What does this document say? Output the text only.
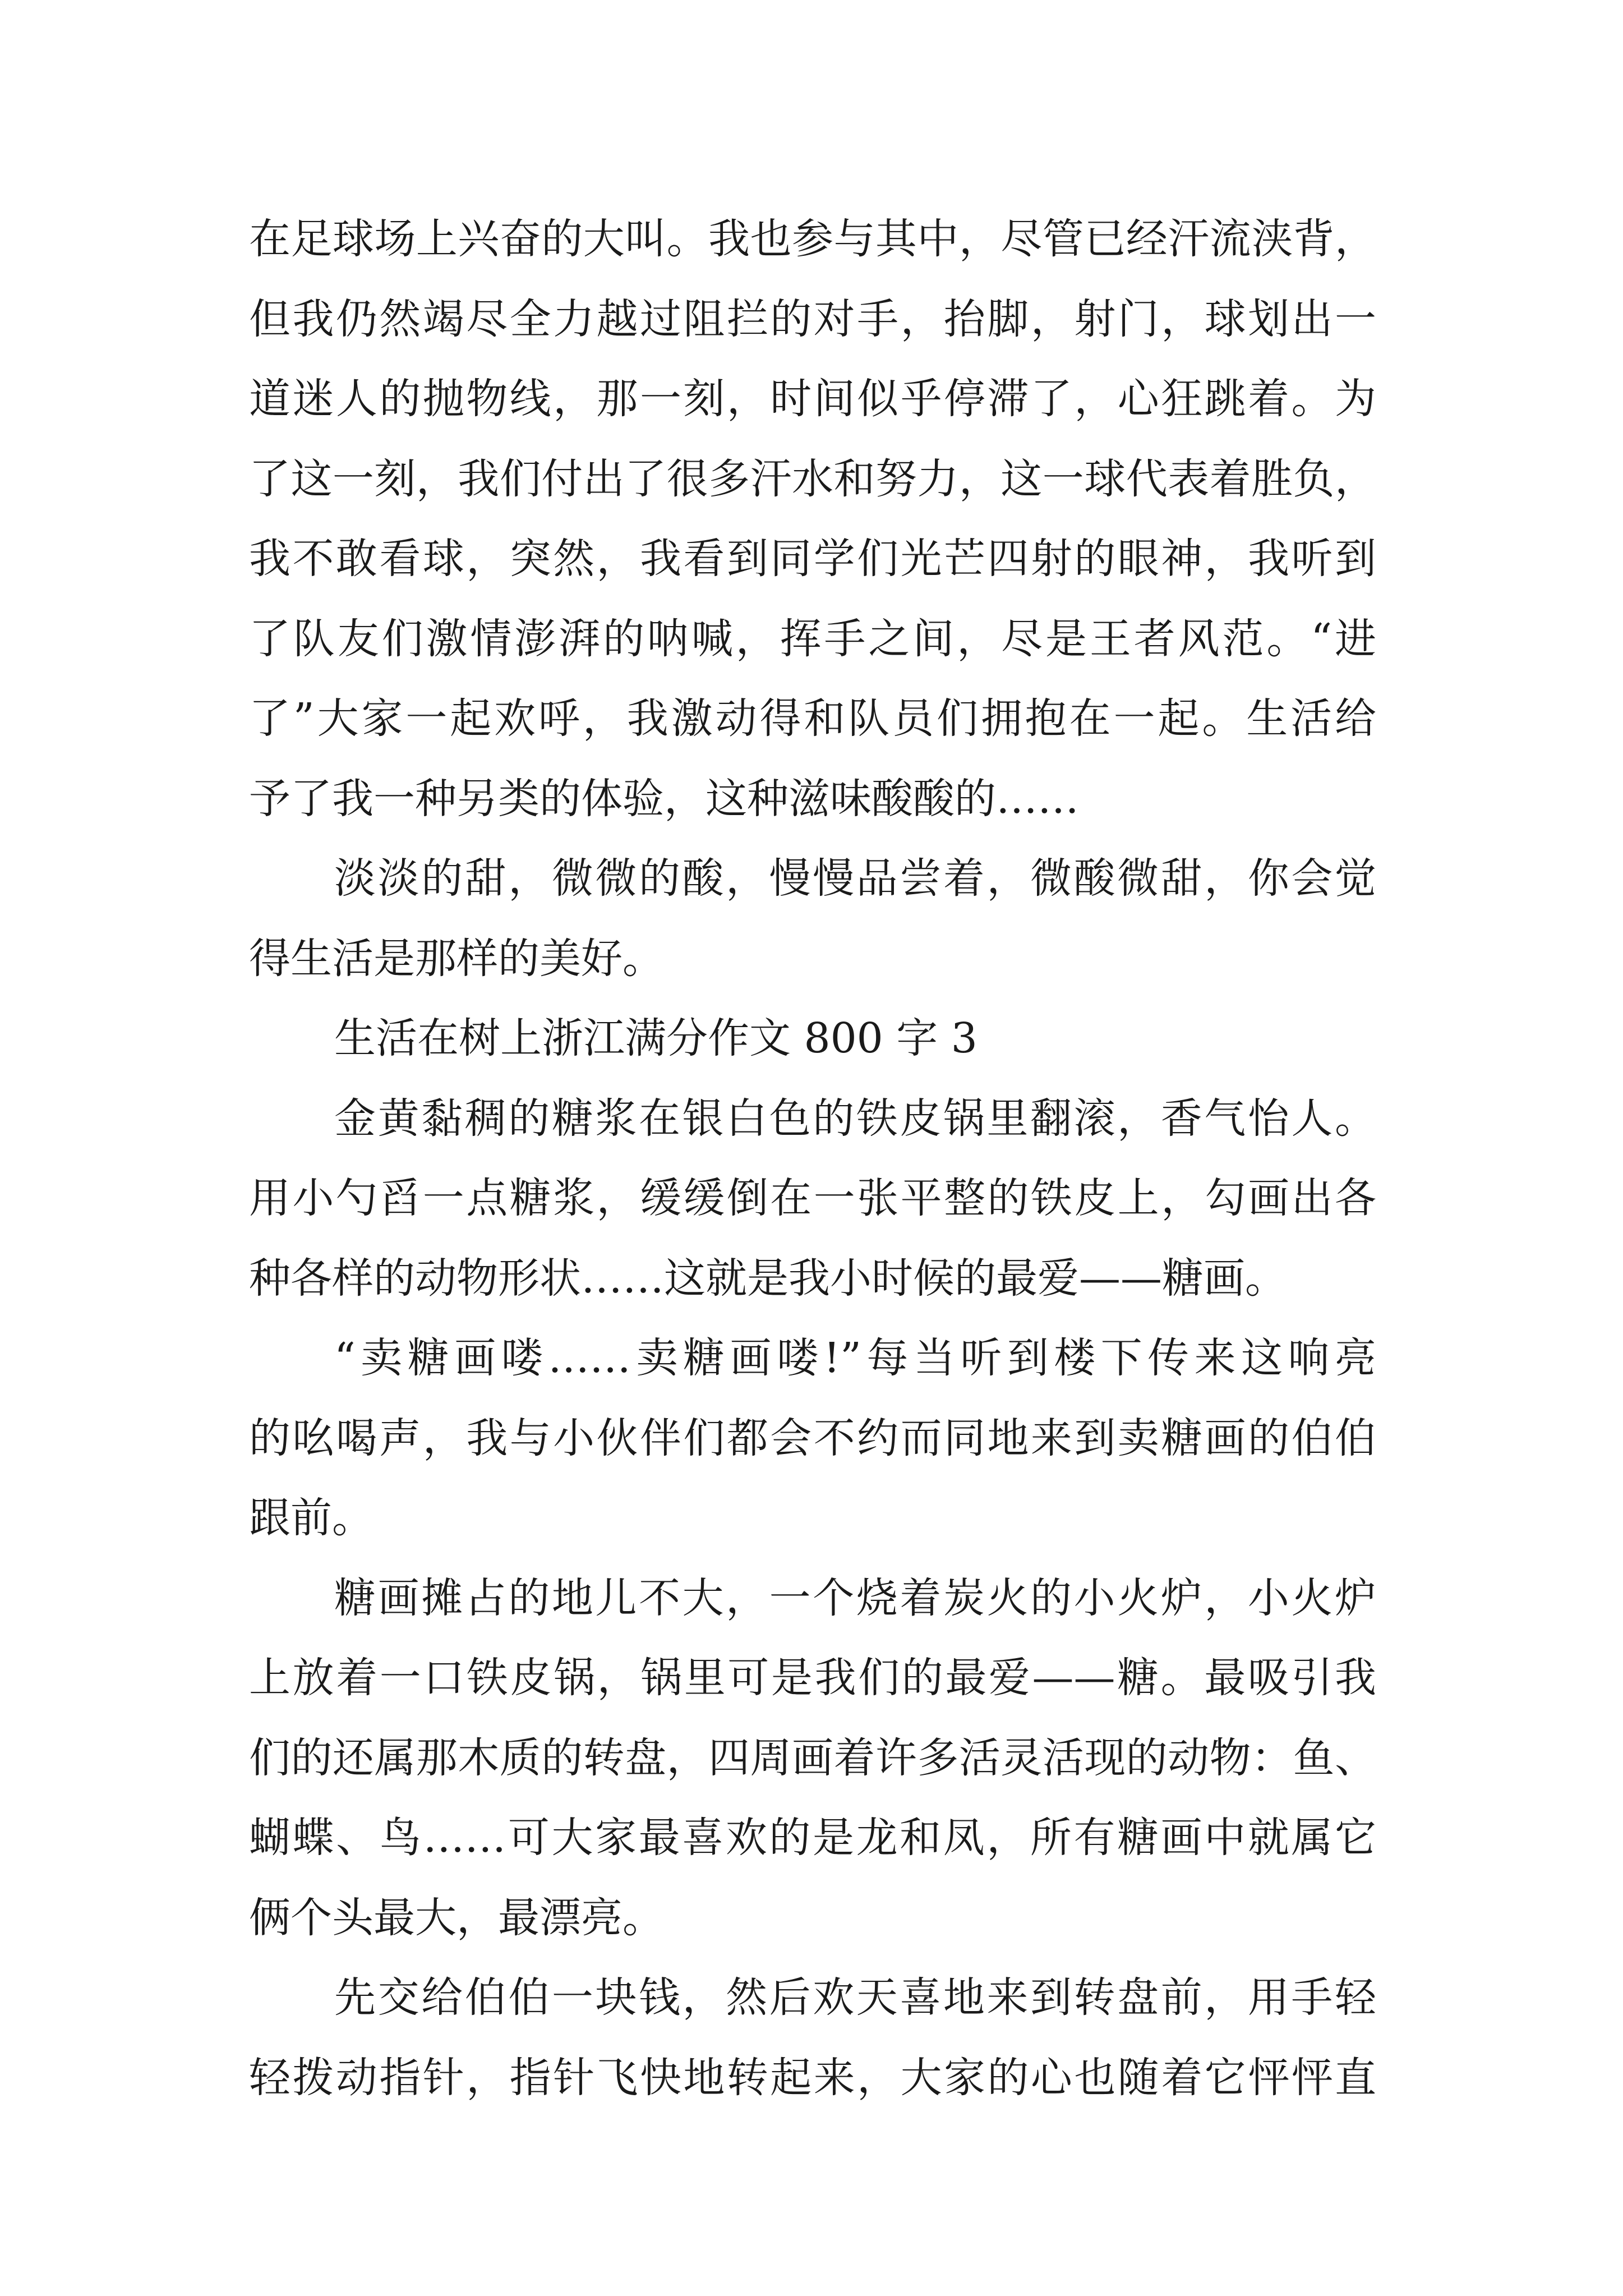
在足球场上兴奋的大叫。我也参与其中，尽管已经汗流浃背，
但我仍然竭尽全力越过阻拦的对手，抬脚，射门，球划出一
道迷人的抛物线，那一刻，时间似乎停滞了，心狂跳着。为
了这一刻，我们付出了很多汗水和努力，这一球代表着胜负，
我不敢看球，突然，我看到同学们光芒四射的眼神，我听到
了队友们激情澎湃的呐喊，挥手之间，尽是王者风范。“进
了”大家一起欢呼，我激动得和队员们拥抱在一起。生活给
予了我一种另类的体验，这种滋味酸酸的……
淡淡的甜，微微的酸，慢慢品尝着，微酸微甜，你会觉
得生活是那样的美好。
生活在树上浙江满分作文 800 字 3
金黄黏稠的糖浆在银白色的铁皮锅里翻滚，香气怡人。
用小勺舀一点糖浆，缓缓倒在一张平整的铁皮上，勾画出各
种各样的动物形状……这就是我小时候的最爱——糖画。
“卖糖画喽……卖糖画喽!”每当听到楼下传来这响亮
的吆喝声，我与小伙伴们都会不约而同地来到卖糖画的伯伯
跟前。
糖画摊占的地儿不大，一个烧着炭火的小火炉，小火炉
上放着一口铁皮锅，锅里可是我们的最爱——糖。最吸引我
们的还属那木质的转盘，四周画着许多活灵活现的动物：鱼、
蝴蝶、鸟……可大家最喜欢的是龙和凤，所有糖画中就属它
俩个头最大，最漂亮。
先交给伯伯一块钱，然后欢天喜地来到转盘前，用手轻
轻拨动指针，指针飞快地转起来，大家的心也随着它怦怦直
